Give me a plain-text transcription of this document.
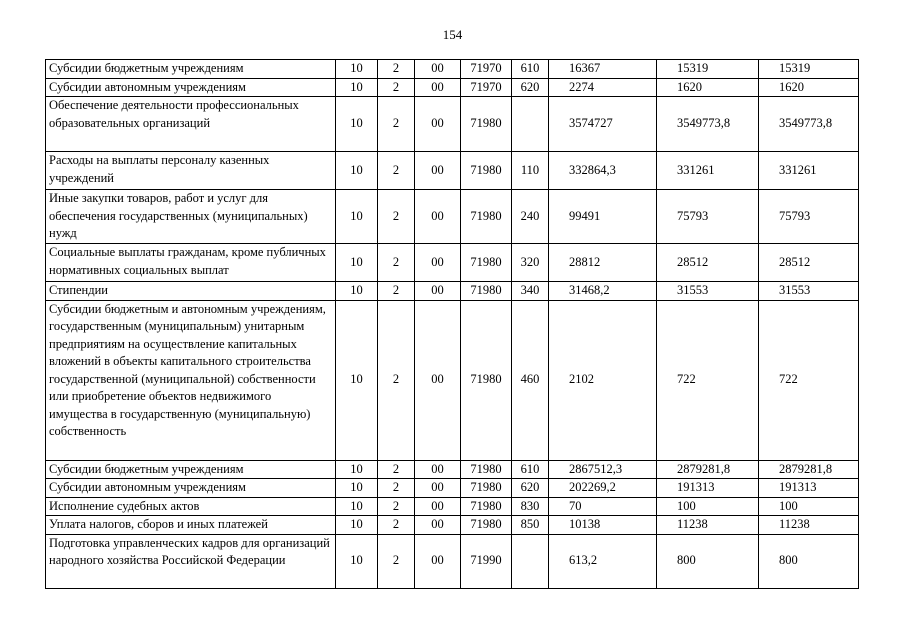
154
Субсидии бюджетным учреждениям	10	2	00	71970	610	16367	15319	15319
Субсидии автономным учреждениям	10	2	00	71970	620	2274	1620	1620
Обеспечение деятельности профессиональных образовательных организаций	10	2	00	71980		3574727	3549773,8	3549773,8
Расходы на выплаты персоналу казенных учреждений	10	2	00	71980	110	332864,3	331261	331261
Иные закупки товаров, работ и услуг для обеспечения государственных (муниципальных) нужд	10	2	00	71980	240	99491	75793	75793
Социальные выплаты гражданам, кроме публичных нормативных социальных выплат	10	2	00	71980	320	28812	28512	28512
Стипендии	10	2	00	71980	340	31468,2	31553	31553
Субсидии бюджетным и автономным учреждениям, государственным (муниципальным) унитарным предприятиям на осуществление капитальных вложений в объекты капитального строительства государственной (муниципальной) собственности или приобретение объектов недвижимого имущества в государственную (муниципальную) собственность	10	2	00	71980	460	2102	722	722
Субсидии бюджетным учреждениям	10	2	00	71980	610	2867512,3	2879281,8	2879281,8
Субсидии автономным учреждениям	10	2	00	71980	620	202269,2	191313	191313
Исполнение судебных актов	10	2	00	71980	830	70	100	100
Уплата налогов, сборов и иных платежей	10	2	00	71980	850	10138	11238	11238
Подготовка управленческих кадров для организаций народного хозяйства Российской Федерации	10	2	00	71990		613,2	800	800
